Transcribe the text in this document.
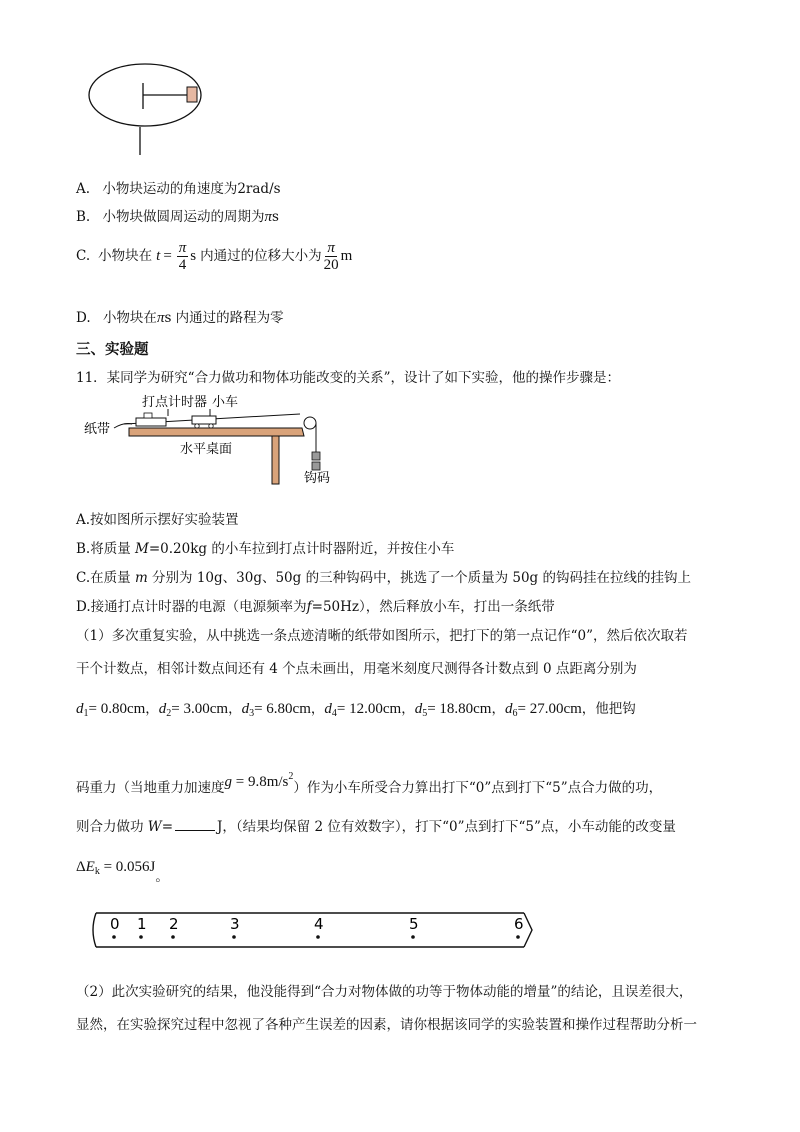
A. 小物块运动的角速度为2rad/s
B. 小物块做圆周运动的周期为πs
C. 小物块在 $t = \frac{\pi}{4}$ s 内通过的位移大小为 $\frac{\pi}{20}$ m
D. 小物块在πs 内通过的路程为零
三、实验题
11．某同学为研究“合力做功和物体功能改变的关系”，设计了如下实验，他的操作步骤是：
打点计时器 小车
纸带
水平桌面
钩码
A.按如图所示摆好实验装置
B.将质量 M=0.20kg 的小车拉到打点计时器附近，并按住小车
C.在质量 m 分别为 10g、30g、50g 的三种钩码中，挑选了一个质量为 50g 的钩码挂在拉线的挂钩上
D.接通打点计时器的电源（电源频率为f=50Hz），然后释放小车，打出一条纸带
（1）多次重复实验，从中挑选一条点迹清晰的纸带如图所示，把打下的第一点记作“0”，然后依次取若
干个计数点，相邻计数点间还有 4 个点未画出，用毫米刻度尺测得各计数点到 0 点距离分别为
$d_1= 0.80cm$，$d_2= 3.00cm$，$d_3= 6.80cm$，$d_4= 12.00cm$，$d_5= 18.80cm$，$d_6= 27.00cm$，他把钩
码重力（当地重力加速度$g = 9.8m/s^2$）作为小车所受合力算出打下“0”点到打下“5”点合力做的功，
则合力做功 W=	J，（结果均保留 2 位有效数字），打下“0”点到打下“5”点，小车动能的改变量
$\Delta E_k = 0.056J_。$
0 1 2	3	4	5	6
（2）此次实验研究的结果，他没能得到“合力对物体做的功等于物体动能的增量”的结论，且误差很大，
显然，在实验探究过程中忽视了各种产生误差的因素，请你根据该同学的实验装置和操作过程帮助分析一
